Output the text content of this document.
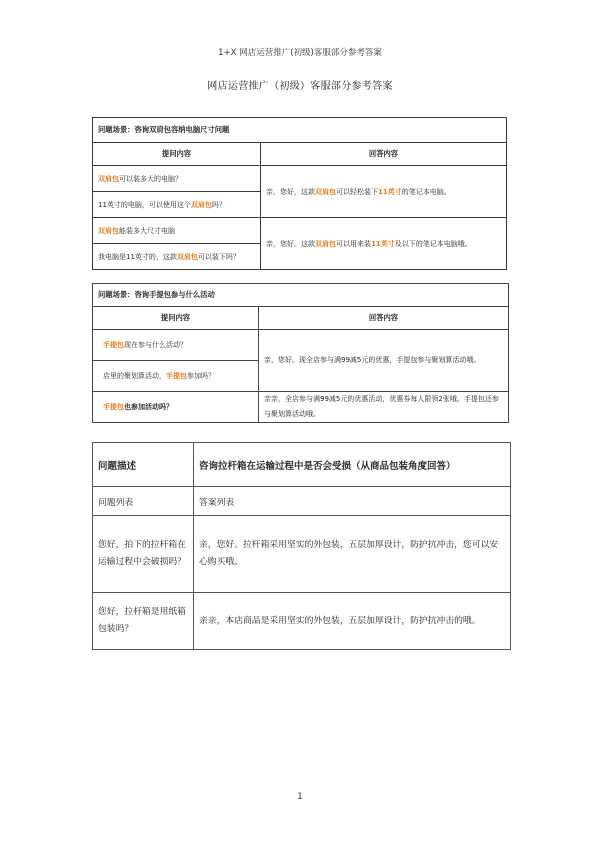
1+X 网店运营推广(初级)客服部分参考答案
网店运营推广（初级）客服部分参考答案
问题场景：咨询双肩包容纳电脑尺寸问题	
提问内容	回答内容
双肩包可以装多大的电脑？	亲，您好，这款双肩包可以轻松装下11英寸的笔记本电脑。
11英寸的电脑，可以使用这个双肩包吗？	
双肩包能装多大尺寸电脑	亲，您好。这款双肩包可以用来装11英寸及以下的笔记本电脑哦。
我电脑是11英寸的，这款双肩包可以装下吗？	
问题场景：咨询手提包参与什么活动	
提问内容	回答内容
手提包现在参与什么活动？	亲，您好。现全店参与满99减5元的优惠，手提包参与聚划算活动哦。
店里的聚划算活动，手提包参加吗？	
手提包也参加活动吗？	亲亲，全店参与满99减5元的优惠活动，优惠券每人限领2张哦。手提包还参与聚划算活动哦。
问题描述	咨询拉杆箱在运输过程中是否会受损（从商品包装角度回答）
问题列表	答案列表
您好，拍下的拉杆箱在运输过程中会破损吗？	亲，您好。拉杆箱采用坚实的外包装，五层加厚设计，防护抗冲击，您可以安心购买哦。
您好，拉杆箱是用纸箱包装吗？	亲亲，本店商品是采用坚实的外包装，五层加厚设计，防护抗冲击的哦。
1
